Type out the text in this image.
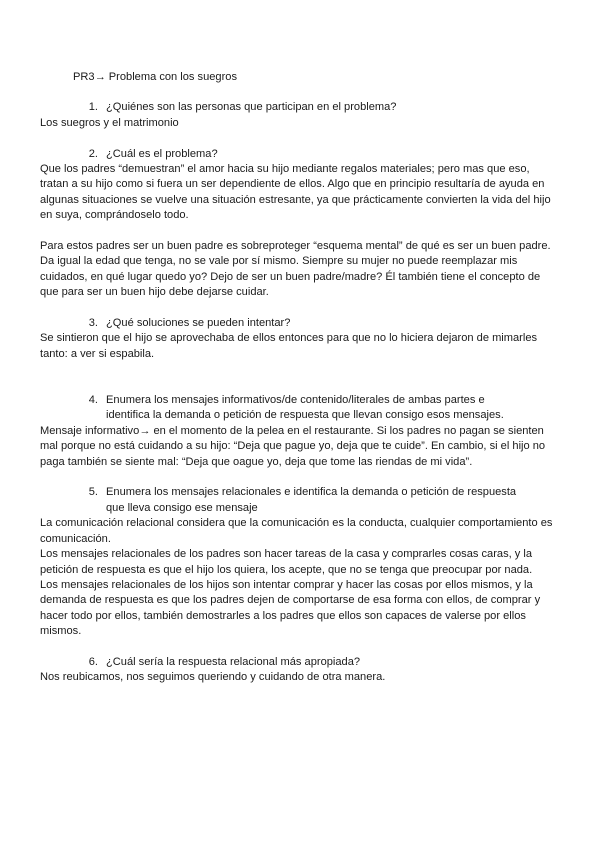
PR3→ Problema con los suegros

1. ¿Quiénes son las personas que participan en el problema?

Los suegros y el matrimonio

2. ¿Cuál es el problema?

Que los padres “demuestran” el amor hacia su hijo mediante regalos materiales; pero mas que eso, tratan a su hijo como si fuera un ser dependiente de ellos. Algo que en principio resultaría de ayuda en algunas situaciones se vuelve una situación estresante, ya que prácticamente convierten la vida del hijo en suya, comprándoselo todo.

Para estos padres ser un buen padre es sobreproteger “esquema mental” de qué es ser un buen padre. Da igual la edad que tenga, no se vale por sí mismo. Siempre su mujer no puede reemplazar mis cuidados, en qué lugar quedo yo? Dejo de ser un buen padre/madre? Él también tiene el concepto de que para ser un buen hijo debe dejarse cuidar.

3. ¿Qué soluciones se pueden intentar?

Se sintieron que el hijo se aprovechaba de ellos entonces para que no lo hiciera dejaron de mimarles tanto: a ver si espabila.

4. Enumera los mensajes informativos/de contenido/literales de ambas partes e identifica la demanda o petición de respuesta que llevan consigo esos mensajes.

Mensaje informativo→ en el momento de la pelea en el restaurante. Si los padres no pagan se sienten mal porque no está cuidando a su hijo: “Deja que pague yo, deja que te cuide”. En cambio, si el hijo no paga también se siente mal: “Deja que oague yo, deja que tome las riendas de mi vida”.

5. Enumera los mensajes relacionales e identifica la demanda o petición de respuesta que lleva consigo ese mensaje

La comunicación relacional considera que la comunicación es la conducta, cualquier comportamiento es comunicación.

Los mensajes relacionales de los padres son hacer tareas de la casa y comprarles cosas caras, y la petición de respuesta es que el hijo los quiera, los acepte, que no se tenga que preocupar por nada.

Los mensajes relacionales de los hijos son intentar comprar y hacer las cosas por ellos mismos, y la demanda de respuesta es que los padres dejen de comportarse de esa forma con ellos, de comprar y hacer todo por ellos, también demostrarles a los padres que ellos son capaces de valerse por ellos mismos.

6. ¿Cuál sería la respuesta relacional más apropiada?

Nos reubicamos, nos seguimos queriendo y cuidando de otra manera.
